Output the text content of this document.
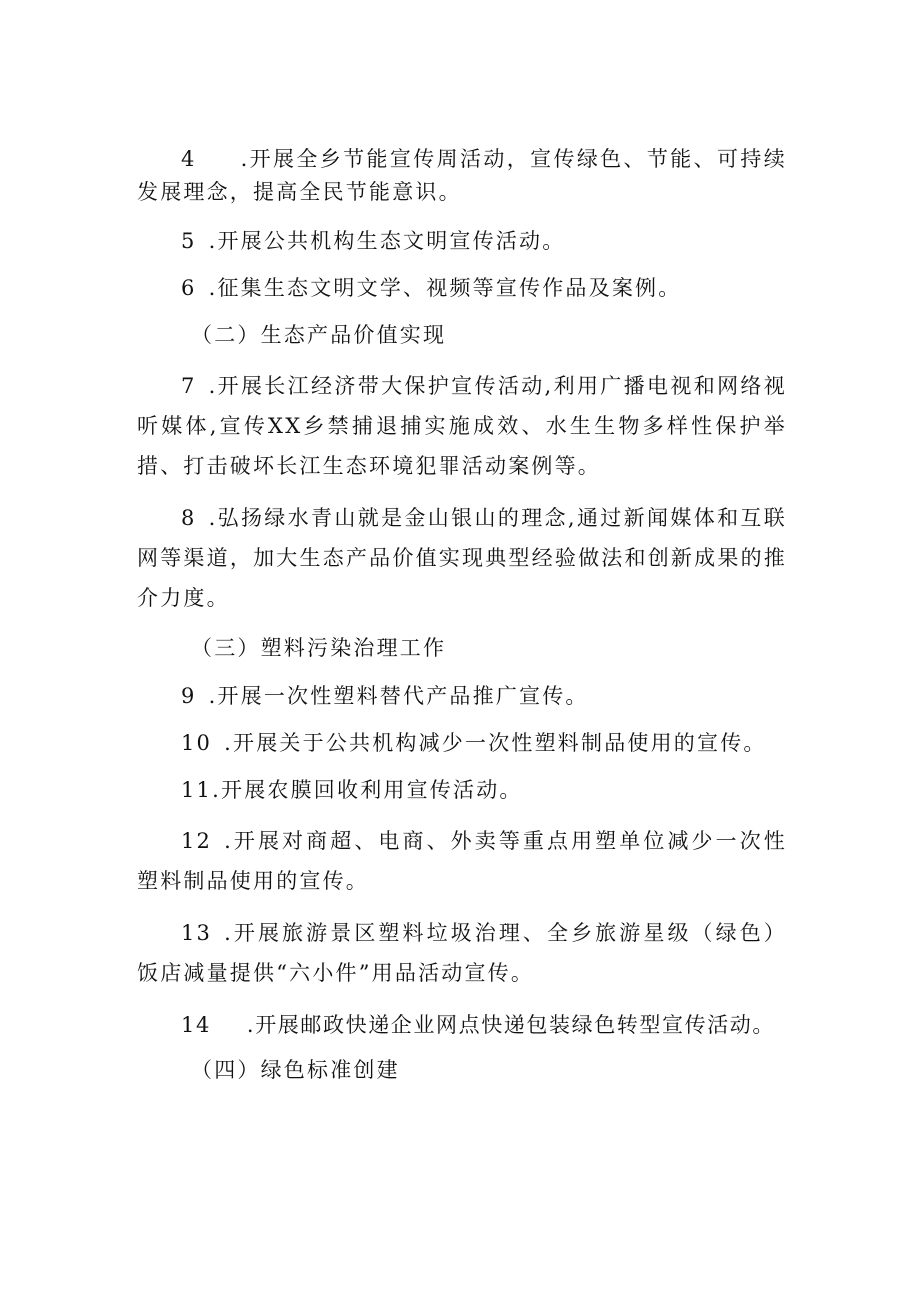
4 .开展全乡节能宣传周活动，宣传绿色、节能、可持续发展理念，提高全民节能意识。

5 .开展公共机构生态文明宣传活动。

6 .征集生态文明文学、视频等宣传作品及案例。

（二）生态产品价值实现

7 .开展长江经济带大保护宣传活动,利用广播电视和网络视听媒体,宣传XX乡禁捕退捕实施成效、水生生物多样性保护举措、打击破坏长江生态环境犯罪活动案例等。

8 .弘扬绿水青山就是金山银山的理念,通过新闻媒体和互联网等渠道，加大生态产品价值实现典型经验做法和创新成果的推介力度。

（三）塑料污染治理工作

9 .开展一次性塑料替代产品推广宣传。

10 .开展关于公共机构减少一次性塑料制品使用的宣传。

11.开展农膜回收利用宣传活动。

12 .开展对商超、电商、外卖等重点用塑单位减少一次性塑料制品使用的宣传。

13 .开展旅游景区塑料垃圾治理、全乡旅游星级（绿色）饭店减量提供“六小件”用品活动宣传。

14 .开展邮政快递企业网点快递包装绿色转型宣传活动。

（四）绿色标准创建
